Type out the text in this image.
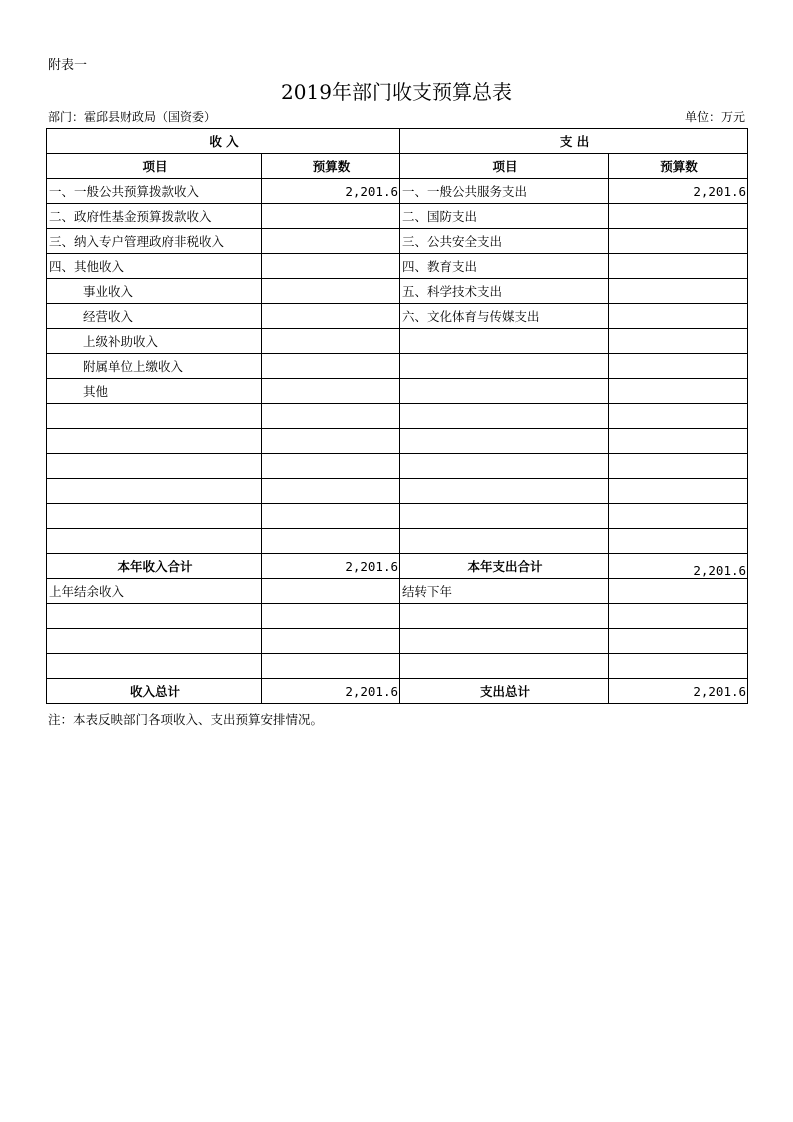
附表一
2019年部门收支预算总表
部门：霍邱县财政局（国资委）	单位：万元
收 入		支 出	
项目	预算数	项目	预算数
一、一般公共预算拨款收入	2,201.6	一、一般公共服务支出	2,201.6
二、政府性基金预算拨款收入		二、国防支出	
三、纳入专户管理政府非税收入		三、公共安全支出	
四、其他收入		四、教育支出	
事业收入		五、科学技术支出	
经营收入		六、文化体育与传媒支出	
上级补助收入			
附属单位上缴收入			
其他			

本年收入合计	2,201.6	本年支出合计	2,201.6
上年结余收入		结转下年	

收入总计	2,201.6	支出总计	2,201.6
注：本表反映部门各项收入、支出预算安排情况。
